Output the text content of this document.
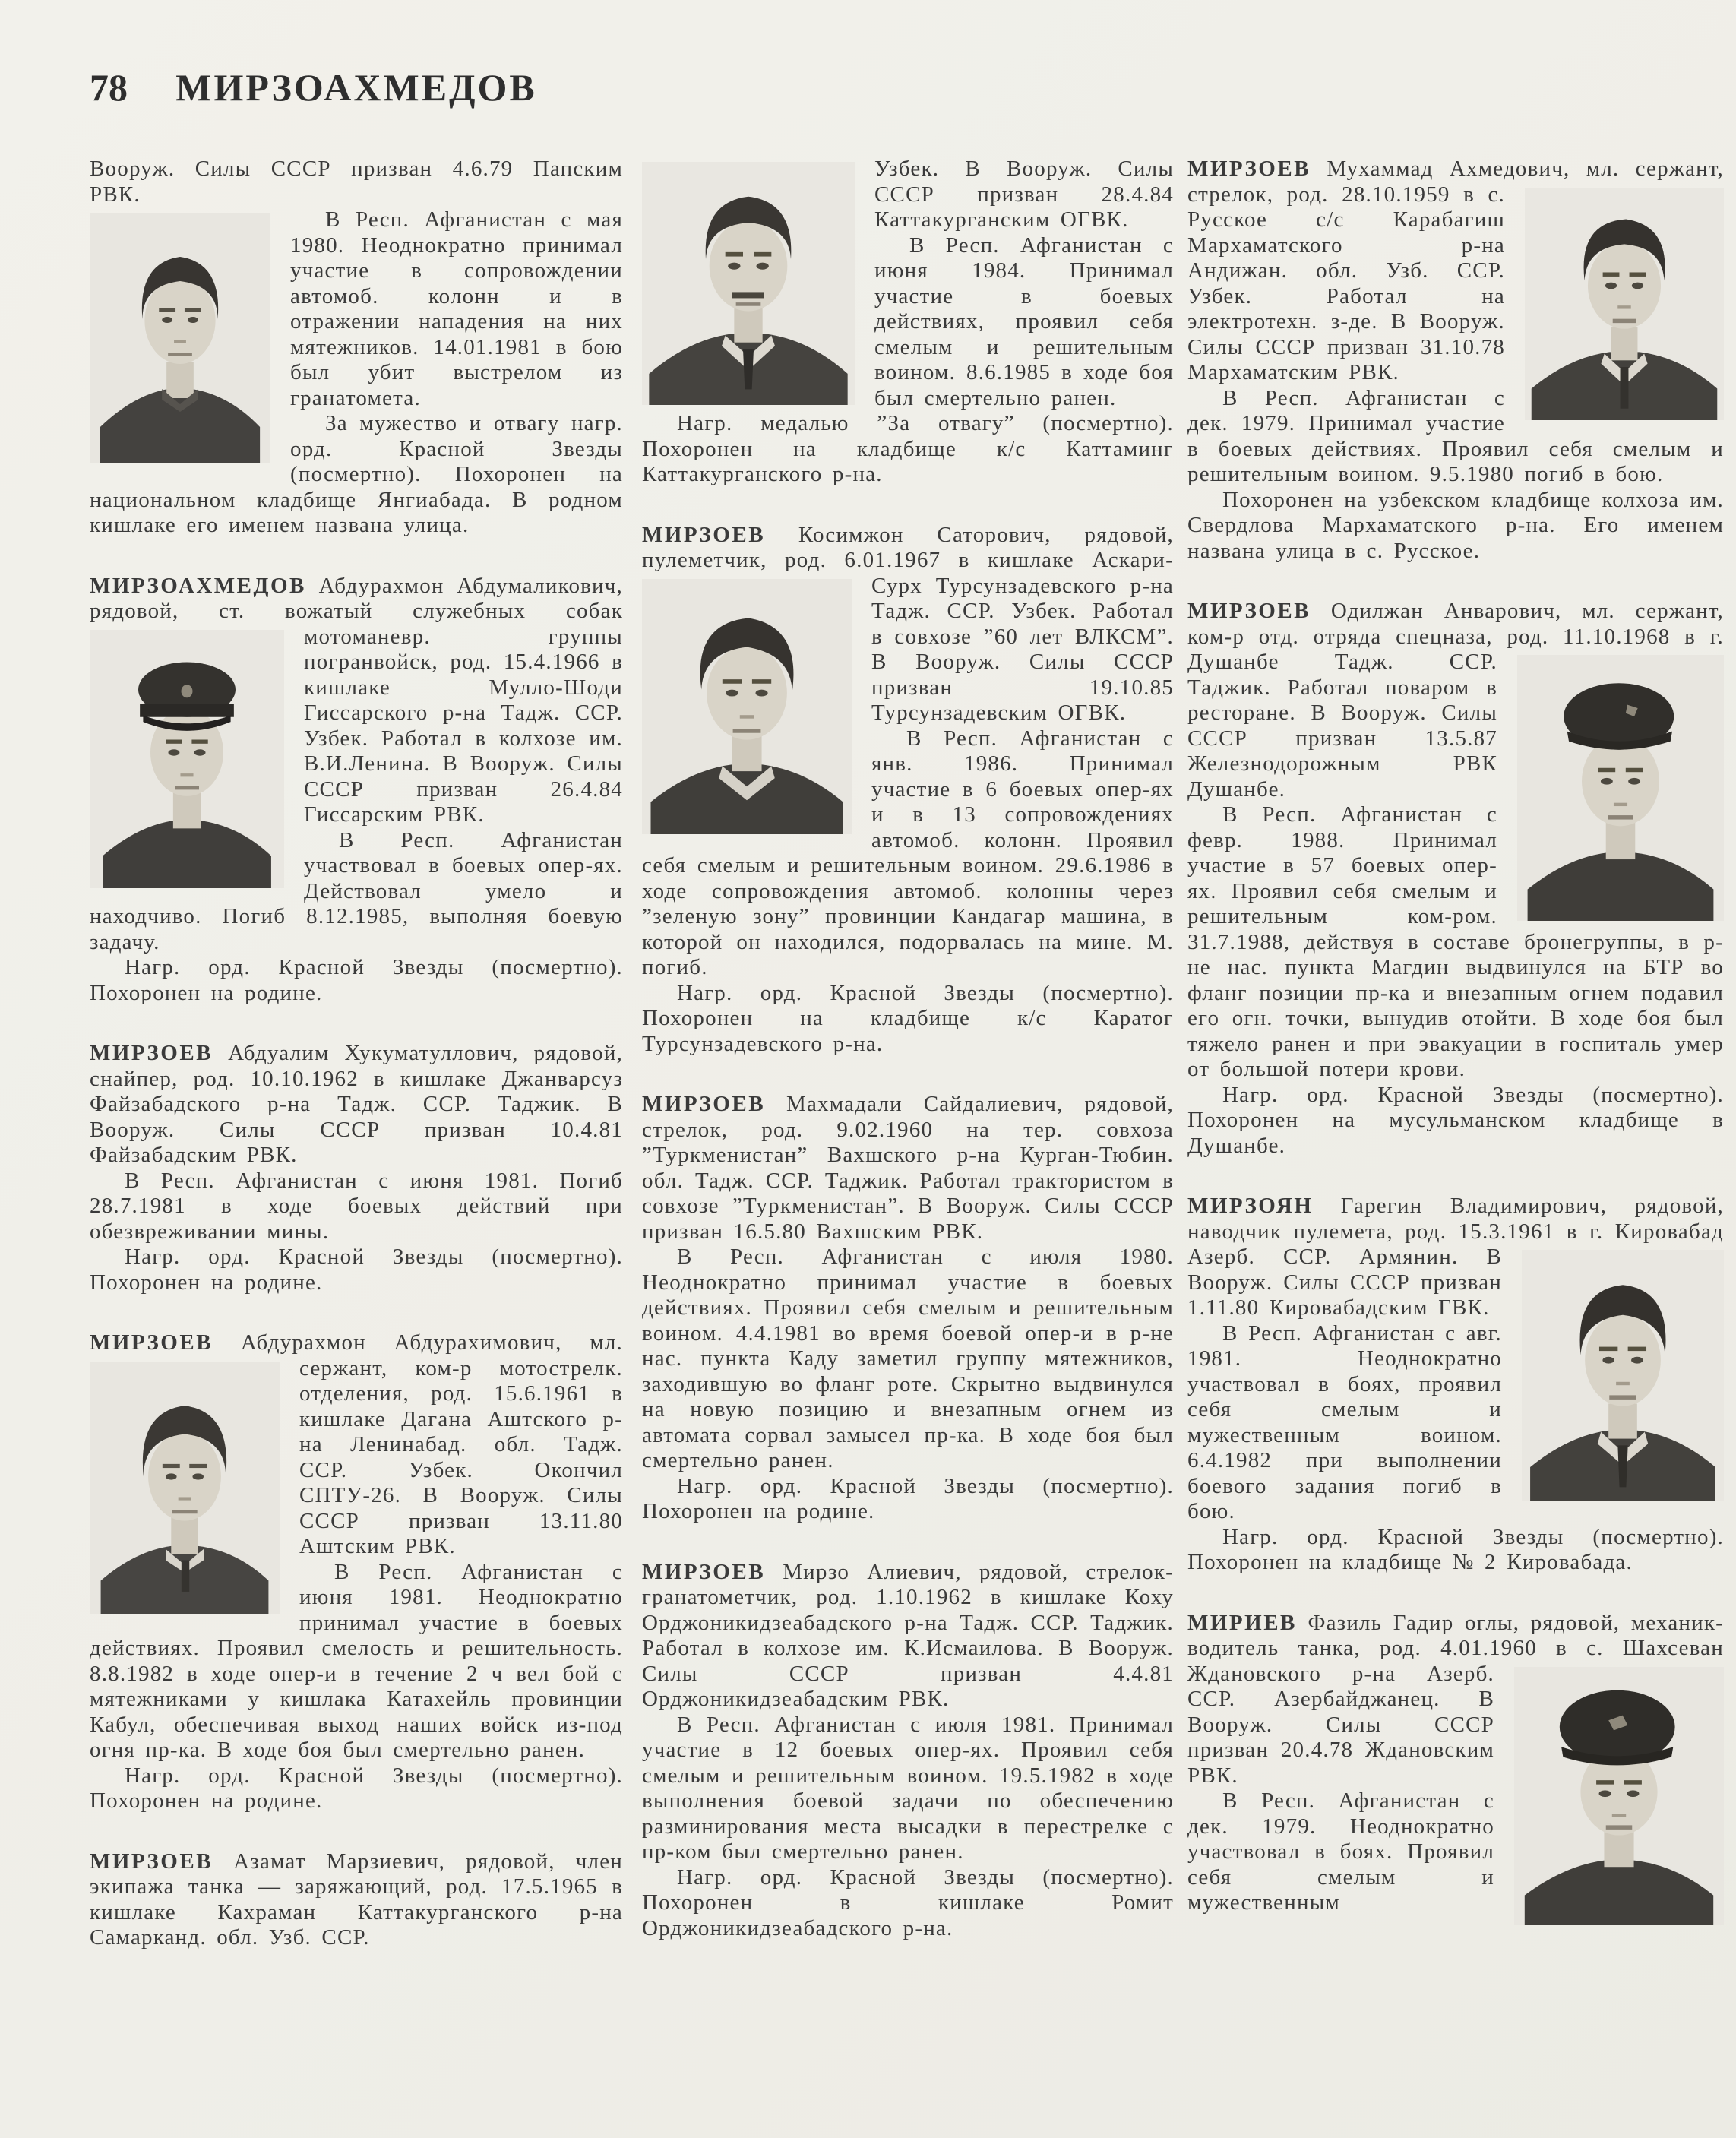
78	МИРЗОАХМЕДОВ

Вооруж. Силы СССР призван 4.6.79 Папским РВК.

В Респ. Афганистан с мая 1980. Неоднократно принимал участие в сопровождении автомоб. колонн и в отражении нападения на них мятежников. 14.01.1981 в бою был убит выстрелом из гранатомета.

За мужество и отвагу нагр. орд. Красной Звезды (посмертно). Похоронен на национальном кладбище Янгиабада. В родном кишлаке его именем названа улица.

МИРЗОАХМЕДОВ Абдурахмон Абдумаликович, рядовой, ст. вожатый служебных собак мотоманевр.	группы погранвойск, род. 15.4.1966 в кишлаке Мулло-Шоди Гиссарского р-на Тадж. ССР. Узбек. Работал в колхозе им. В.И.Ленина. В Вооруж. Силы СССР призван 26.4.84 Гиссарским РВК.

В Респ. Афганистан участвовал в боевых опер-ях. Действовал умело и находчиво. Погиб 8.12.1985, выполняя боевую задачу.

Нагр. орд. Красной Звезды (посмертно). Похоронен на родине.

МИРЗОЕВ Абдуалим Хукуматуллович, рядовой, снайпер, род. 10.10.1962 в кишлаке Джанварсуз Файзабадского р-на Тадж. ССР. Таджик. В Вооруж. Силы СССР призван 10.4.81 Файзабадским РВК.

В Респ. Афганистан с июня 1981. Погиб 28.7.1981 в ходе боевых действий при обезвреживании мины.

Нагр. орд. Красной Звезды (посмертно). Похоронен на родине.

МИРЗОЕВ Абдурахмон Абдурахимович, мл. сержант, ком-р мотострелк.
отделения, род. 15.6.1961 в кишлаке Дагана Аштского р-на Ленинабад. обл. Тадж. ССР. Узбек. Окончил СПТУ-26. В Вооруж. Силы СССР призван 13.11.80 Аштским РВК.

В Респ. Афганистан с июня 1981. Неоднократно принимал участие в боевых действиях. Проявил смелость и решительность. 8.8.1982 в ходе опер-и в течение 2 ч вел бой с мятежниками у кишлака Катахейль провинции Кабул, обеспечивая выход наших войск из-под огня пр-ка. В ходе боя был смертельно ранен.

Нагр. орд. Красной Звезды (посмертно). Похоронен на родине.

МИРЗОЕВ Азамат Марзиевич, рядовой, член экипажа танка — заряжающий, род. 17.5.1965 в кишлаке Кахраман Каттакурганского р-на Самарканд. обл. Узб. ССР.

Узбек. В Вооруж. Силы СССР призван 28.4.84 Каттакурганским ОГВК.

В Респ. Афганистан с июня 1984. Принимал участие в боевых действиях, проявил себя смелым и решительным воином. 8.6.1985 в ходе боя был смертельно ранен.

Нагр. медалью ”За отвагу” (посмертно). Похоронен на кладбище к/с Каттаминг Каттакурганского р-на.

МИРЗОЕВ Косимжон Саторович, рядовой, пулеметчик, род. 6.01.1967 в кишлаке Аскари-Сурх Турсунзадевского р-на Тадж. ССР. Узбек. Работал в совхозе ”60 лет ВЛКСМ”. В Вооруж. Силы СССР призван 19.10.85 Турсунзадевским ОГВК.

В Респ. Афганистан с янв. 1986. Принимал участие в 6 боевых опер-ях и в 13 сопровождениях автомоб. колонн. Проявил себя смелым и решительным воином. 29.6.1986 в ходе сопровождения автомоб. колонны через ”зеленую зону” провинции Кандагар машина, в которой он находился, подорвалась на мине. М. погиб.

Нагр. орд. Красной Звезды (посмертно). Похоронен на кладбище к/с Каратог Турсунзадевского р-на.

МИРЗОЕВ Махмадали Сайдалиевич, рядовой, стрелок, род. 9.02.1960 на тер. совхоза ”Туркменистан” Вахшского р-на Курган-Тюбин. обл. Тадж. ССР. Таджик. Работал трактористом в совхозе ”Туркменистан”. В Вооруж. Силы СССР призван 16.5.80 Вахшским РВК.

В Респ. Афганистан с июля 1980. Неоднократно принимал участие в боевых действиях. Проявил себя смелым и решительным воином. 4.4.1981 во время боевой опер-и в р-не нас. пункта Каду заметил группу мятежников, заходившую во фланг роте. Скрытно выдвинулся на новую позицию и внезапным огнем из автомата сорвал замысел пр-ка. В ходе боя был смертельно ранен.

Нагр. орд. Красной Звезды (посмертно). Похоронен на родине.

МИРЗОЕВ Мирзо Алиевич, рядовой, стрелок-гранатометчик, род. 1.10.1962 в кишлаке Коху Орджоникидзеабадского р-на Тадж. ССР. Таджик. Работал в колхозе им. К.Исмаилова. В Вооруж. Силы СССР призван 4.4.81 Орджоникидзеабадским РВК.

В Респ. Афганистан с июля 1981. Принимал участие в 12 боевых опер-ях. Проявил себя смелым и решительным воином. 19.5.1982 в ходе выполнения боевой задачи по обеспечению разминирования места высадки в перестрелке с пр-ком был смертельно ранен.

Нагр. орд. Красной Звезды (посмертно). Похоронен в кишлаке Ромит Орджоникидзеабадского р-на.

МИРЗОЕВ Мухаммад Ахмедович, мл. сержант, стрелок, род. 28.10.1959 в с.
Русское с/с Карабагиш Мархаматского р-на Андижан. обл. Узб. ССР. Узбек. Работал на электротехн. з-де. В Вооруж. Силы СССР призван 31.10.78 Мархаматским РВК.

В Респ. Афганистан с дек. 1979. Принимал участие в боевых действиях. Проявил себя смелым и решительным воином. 9.5.1980 погиб в бою.

Похоронен на узбекском кладбище колхоза им. Свердлова Мархаматского р-на. Его именем названа улица в с. Русское.

МИРЗОЕВ Одилжан Анварович, мл. сержант, ком-р отд. отряда спецназа, род. 11.10.1968 в г. Душанбе Тадж. ССР. Таджик. Работал поваром в ресторане. В Вооруж. Силы СССР призван 13.5.87 Железнодорожным РВК Душанбе.

В Респ. Афганистан с февр. 1988. Принимал участие в 57 боевых опер-ях. Проявил себя смелым и решительным ком-ром. 31.7.1988, действуя в составе бронегруппы, в р-не нас. пункта Магдин выдвинулся на БТР во фланг позиции пр-ка и внезапным огнем подавил его огн. точки, вынудив отойти. В ходе боя был тяжело ранен и при эвакуации в госпиталь умер от большой потери крови.

Нагр. орд. Красной Звезды (посмертно). Похоронен на мусульманском кладбище в Душанбе.

МИРЗОЯН Гарегин Владимирович, рядовой, наводчик пулемета, род. 15.3.1961 в г. Кировабад Азерб. ССР. Армянин. В Вооруж. Силы СССР призван 1.11.80 Кировабадским ГВК.

В Респ. Афганистан с авг. 1981. Неоднократно участвовал в боях, проявил себя смелым и мужественным воином. 6.4.1982 при выполнении боевого задания погиб в бою.

Нагр. орд. Красной Звезды (посмертно). Похоронен на кладбище № 2 Кировабада.

МИРИЕВ Фазиль Гадир оглы, рядовой, механик-водитель танка, род. 4.01.1960 в с. Шахсеван Ждановского р-на Азерб. ССР. Азербайджанец. В Вооруж. Силы СССР призван 20.4.78 Ждановским РВК.

В Респ. Афганистан с дек. 1979. Неоднократно участвовал в боях. Проявил себя смелым и мужественным
